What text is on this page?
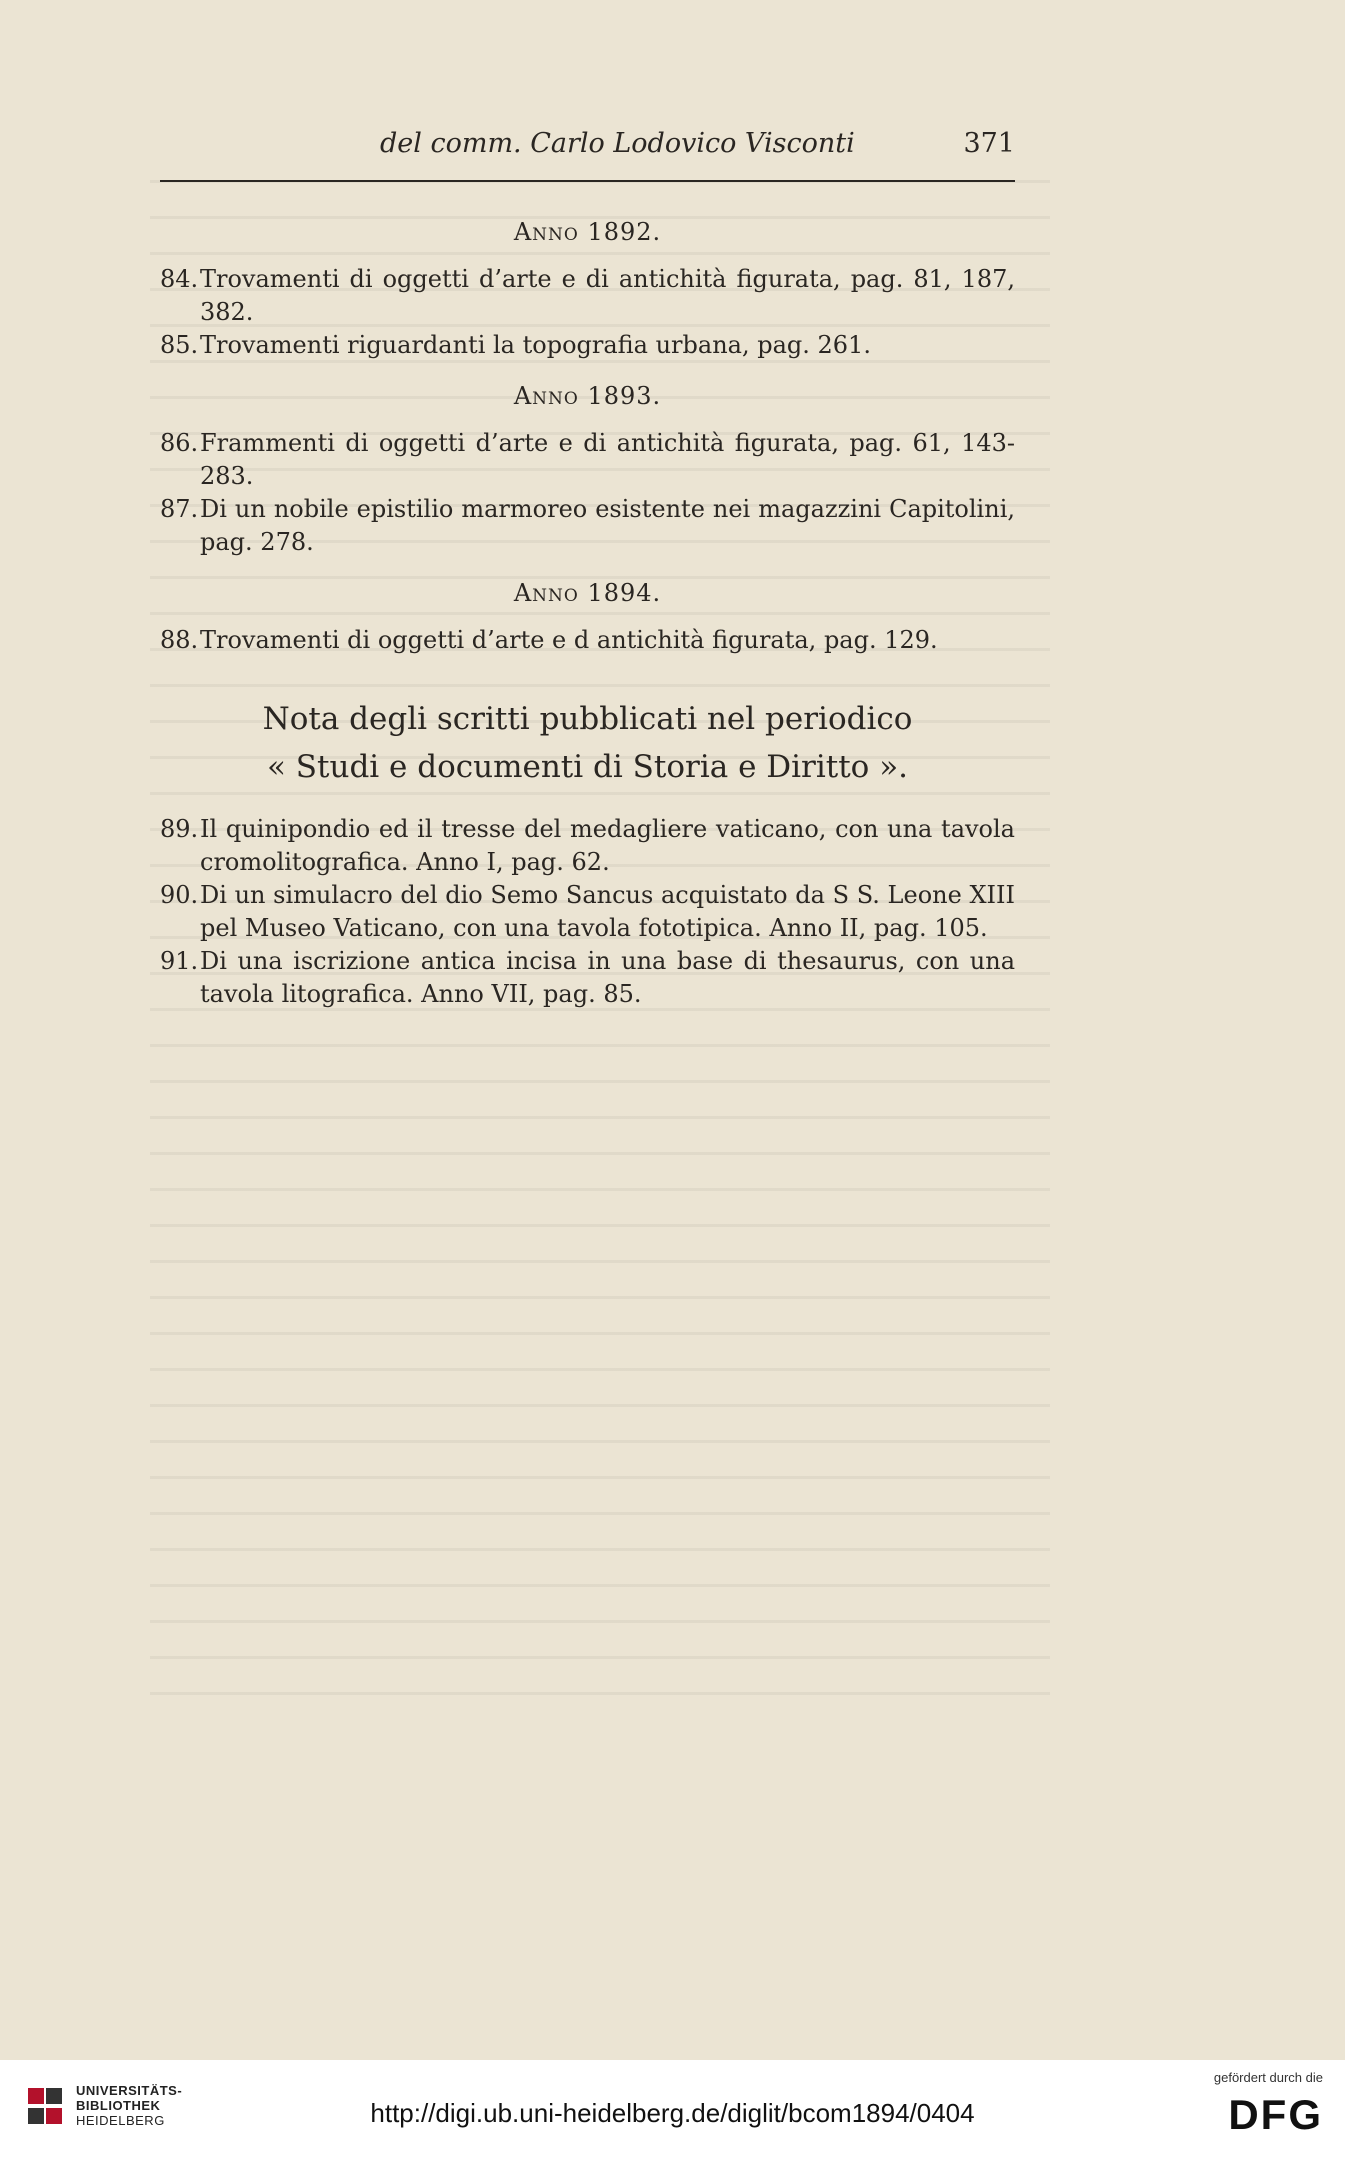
del comm. Carlo Lodovico Visconti	371
Anno 1892.
84.Trovamenti di oggetti d’arte e di antichità figurata, pag. 81, 187, 382.
85.Trovamenti riguardanti la topografia urbana, pag. 261.
Anno 1893.
86.Frammenti di oggetti d’arte e di antichità figurata, pag. 61, 143-283.
87.Di un nobile epistilio marmoreo esistente nei magazzini Capitolini, pag. 278.
Anno 1894.
88.Trovamenti di oggetti d’arte e d antichità figurata, pag. 129.
Nota degli scritti pubblicati nel periodico
« Studi e documenti di Storia e Diritto ».
89.Il quinipondio ed il tresse del medagliere vaticano, con una tavola cromolitografica. Anno I, pag. 62.
90.Di un simulacro del dio Semo Sancus acquistato da S S. Leone XIII pel Museo Vaticano, con una tavola fototipica. Anno II, pag. 105.
91.Di una iscrizione antica incisa in una base di thesaurus, con una tavola litografica. Anno VII, pag. 85.
UNIVERSITÄTS-
BIBLIOTHEK
HEIDELBERG	http://digi.ub.uni-heidelberg.de/diglit/bcom1894/0404
gefördert durch die
DFG
